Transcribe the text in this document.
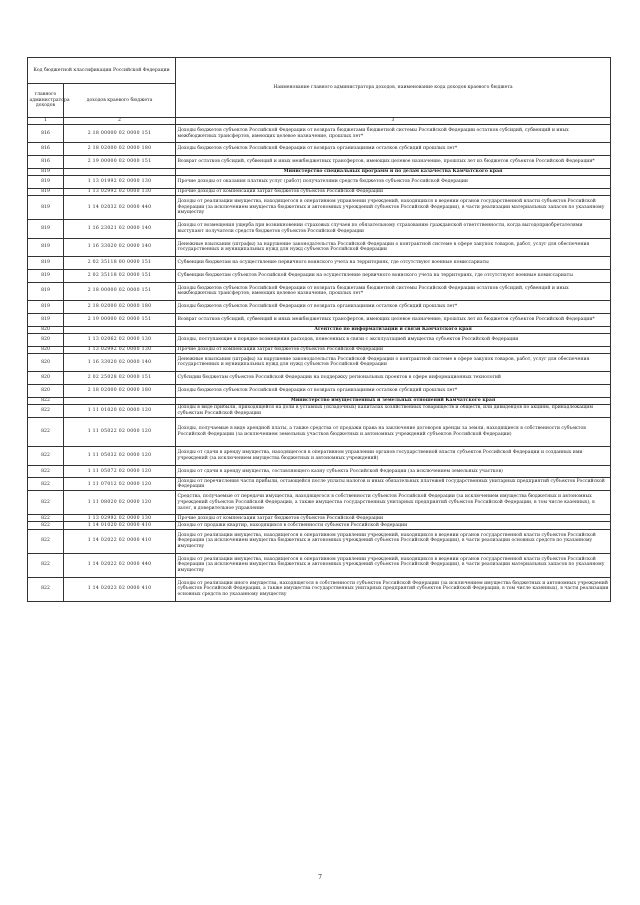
Код бюджетной классификации Российской Федерации		Наименование главного администратора доходов, наименование кода доходов краевого бюджета
главного администратора доходов	доходов краевого бюджета	
1	2	3
816	2 18 00000 02 0000 151	Доходы бюджетов субъектов Российской Федерации от возврата бюджетами бюджетной системы Российской Федерации остатков субсидий, субвенций и иных межбюджетных трансфертов, имеющих целевое назначение, прошлых лет*
816	2 18 02000 02 0000 180	Доходы бюджетов субъектов Российской Федерации от возврата организациями остатков субсидий прошлых лет*
816	2 19 00000 02 0000 151	Возврат остатков субсидий, субвенций и иных межбюджетных трансфертов, имеющих целевое назначение, прошлых лет из бюджетов субъектов Российской Федерации*
819		Министерство специальных программ и по делам казачества Камчатского края
819	1 13 01992 02 0000 130	Прочие доходы от оказания платных услуг (работ) получателями средств бюджетов субъектов Российской Федерации
819	1 13 02992 02 0000 130	Прочие доходы от компенсации затрат бюджетов субъектов Российской Федерации
819	1 14 02032 02 0000 440	Доходы от реализации имущества, находящегося в оперативном управлении учреждений, находящихся в ведении органов государственной власти субъектов Российской Федерации (за исключением имущества бюджетных и автономных учреждений субъектов Российской Федерации), в части реализации материальных запасов по указанному имуществу
819	1 16 23021 02 0000 140	Доходы от возмещения ущерба при возникновении страховых случаев по обязательному страхованию гражданской ответственности, когда выгодоприобретателями выступают получатели средств бюджетов субъектов Российской Федерации
819	1 16 33020 02 0000 140	Денежные взыскания (штрафы) за нарушение законодательства Российской Федерации о контрактной системе в сфере закупок товаров, работ, услуг для обеспечения государственных и муниципальных нужд для нужд субъектов Российской Федерации
819	2 02 35118 00 0000 151	Субвенции бюджетам на осуществление первичного воинского учета на территориях, где отсутствуют военные комиссариаты
819	2 02 35118 02 0000 151	Субвенции бюджетам субъектов Российской Федерации на осуществление первичного воинского учета на территориях, где отсутствуют военные комиссариаты
819	2 18 00000 02 0000 151	Доходы бюджетов субъектов Российской Федерации от возврата бюджетами бюджетной системы Российской Федерации остатков субсидий, субвенций и иных межбюджетных трансфертов, имеющих целевое назначение, прошлых лет*
819	2 18 02000 02 0000 180	Доходы бюджетов субъектов Российской Федерации от возврата организациями остатков субсидий прошлых лет*
819	2 19 00000 02 0000 151	Возврат остатков субсидий, субвенций и иных межбюджетных трансфертов, имеющих целевое назначение, прошлых лет из бюджетов субъектов Российской Федерации*
820		Агентство по информатизации и связи Камчатского края
820	1 13 02062 02 0000 130	Доходы, поступающие в порядке возмещения расходов, понесенных в связи с эксплуатацией имущества субъектов Российской Федерации
820	1 13 02992 02 0000 130	Прочие доходы от компенсации затрат бюджетов субъектов Российской Федерации
820	1 16 33020 02 0000 140	Денежные взыскания (штрафы) за нарушение законодательства Российской Федерации о контрактной системе в сфере закупок товаров, работ, услуг для обеспечения государственных и муниципальных нужд для нужд субъектов Российской Федерации
820	2 02 25028 02 0000 151	Субсидии бюджетам субъектов Российской Федерации на поддержку региональных проектов в сфере информационных технологий
820	2 18 02000 02 0000 180	Доходы бюджетов субъектов Российской Федерации от возврата организациями остатков субсидий прошлых лет*
822		Министерство имущественных и земельных отношений Камчатского края
822	1 11 01020 02 0000 120	Доходы в виде прибыли, приходящейся на доли в уставных (складочных) капиталах хозяйственных товариществ и обществ, или дивидендов по акциям, принадлежащим субъектам Российской Федерации
822	1 11 05022 02 0000 120	Доходы, получаемые в виде арендной платы, а также средства от продажи права на заключение договоров аренды за земли, находящиеся в собственности субъектов Российской Федерации (за исключением земельных участков бюджетных и автономных учреждений субъектов Российской Федерации)
822	1 11 05032 02 0000 120	Доходы от сдачи в аренду имущества, находящегося в оперативном управлении органов государственной власти субъектов Российской Федерации и созданных ими учреждений (за исключением имущества бюджетных и автономных учреждений)
822	1 11 05072 02 0000 120	Доходы от сдачи в аренду имущества, составляющего казну субъекта Российской Федерации (за исключением земельных участков)
822	1 11 07012 02 0000 120	Доходы от перечисления части прибыли, остающейся после уплаты налогов и иных обязательных платежей государственных унитарных предприятий субъектов Российской Федерации
822	1 11 08020 02 0000 120	Средства, получаемые от передачи имущества, находящегося в собственности субъектов Российской Федерации (за исключением имущества бюджетных и автономных учреждений субъектов Российской Федерации, а также имущества государственных унитарных предприятий субъектов Российской Федерации, в том числе казенных), в залог, в доверительное управление
822	1 13 02992 02 0000 130	Прочие доходы от компенсации затрат бюджетов субъектов Российской Федерации
822	1 14 01020 02 0000 410	Доходы от продажи квартир, находящихся в собственности субъектов Российской Федерации
822	1 14 02022 02 0000 410	Доходы от реализации имущества, находящегося в оперативном управлении учреждений, находящихся в ведении органов государственной власти субъектов Российской Федерации (за исключением имущества бюджетных и автономных учреждений субъектов Российской Федерации), в части реализации основных средств по указанному имуществу
822	1 14 02022 02 0000 440	Доходы от реализации имущества, находящегося в оперативном управлении учреждений, находящихся в ведении органов государственной власти субъектов Российской Федерации (за исключением имущества бюджетных и автономных учреждений субъектов Российской Федерации), в части реализации материальных запасов по указанному имуществу
822	1 14 02023 02 0000 410	Доходы от реализации иного имущества, находящегося в собственности субъектов Российской Федерации (за исключением имущества бюджетных и автономных учреждений субъектов Российской Федерации, а также имущества государственных унитарных предприятий субъектов Российской Федерации, в том числе казенных), в части реализации основных средств по указанному имуществу
7
